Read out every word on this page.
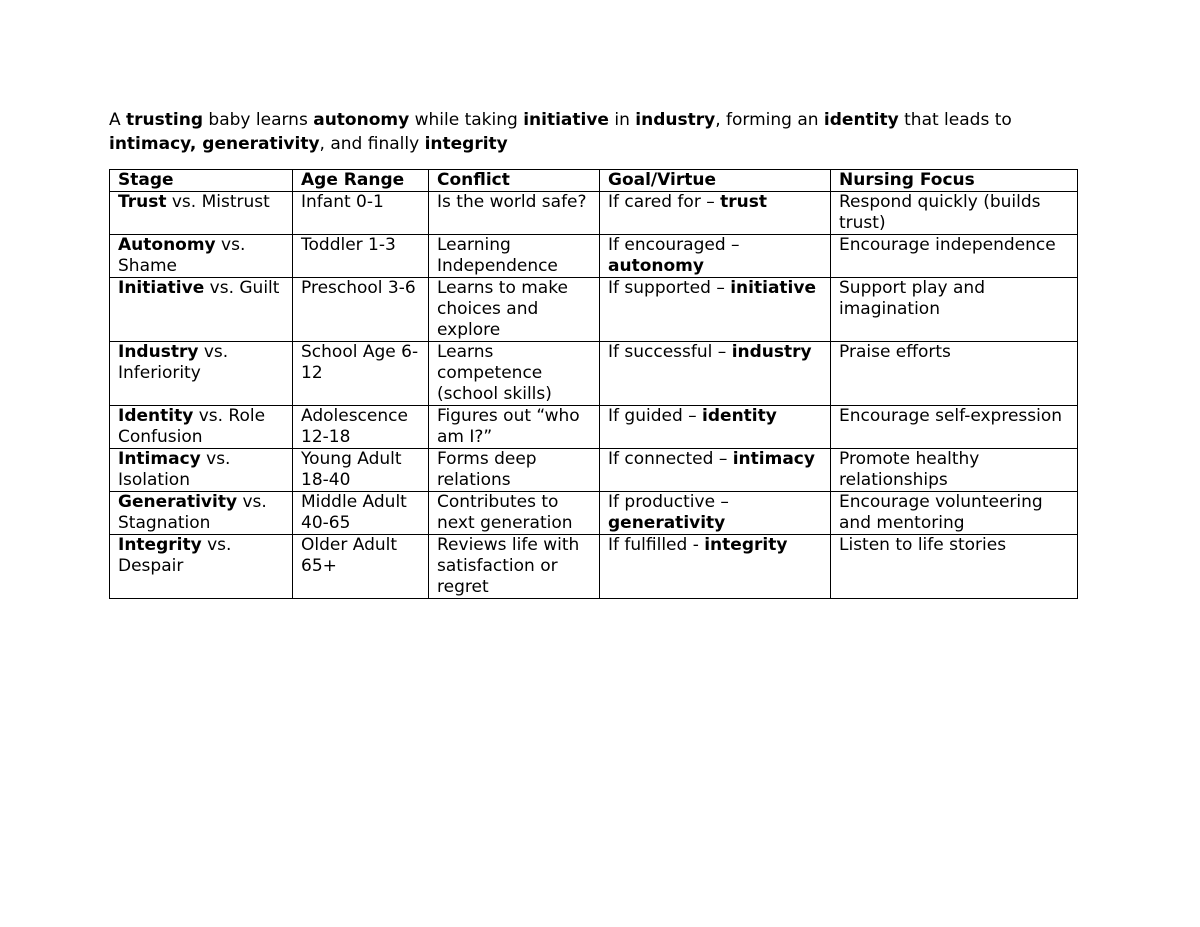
A trusting baby learns autonomy while taking initiative in industry, forming an identity that leads to
intimacy, generativity, and finally integrity

Stage	Age Range	Conflict	Goal/Virtue	Nursing Focus
Trust vs. Mistrust	Infant 0-1	Is the world safe?	If cared for – trust	Respond quickly (builds trust)
Autonomy vs. Shame	Toddler 1-3	Learning Independence	If encouraged – autonomy	Encourage independence
Initiative vs. Guilt	Preschool 3-6	Learns to make choices and explore	If supported – initiative	Support play and imagination
Industry vs. Inferiority	School Age 6-12	Learns competence (school skills)	If successful – industry	Praise efforts
Identity vs. Role Confusion	Adolescence 12-18	Figures out “who am I?”	If guided – identity	Encourage self-expression
Intimacy vs. Isolation	Young Adult 18-40	Forms deep relations	If connected – intimacy	Promote healthy relationships
Generativity vs. Stagnation	Middle Adult 40-65	Contributes to next generation	If productive – generativity	Encourage volunteering and mentoring
Integrity vs. Despair	Older Adult 65+	Reviews life with satisfaction or regret	If fulfilled - integrity	Listen to life stories
